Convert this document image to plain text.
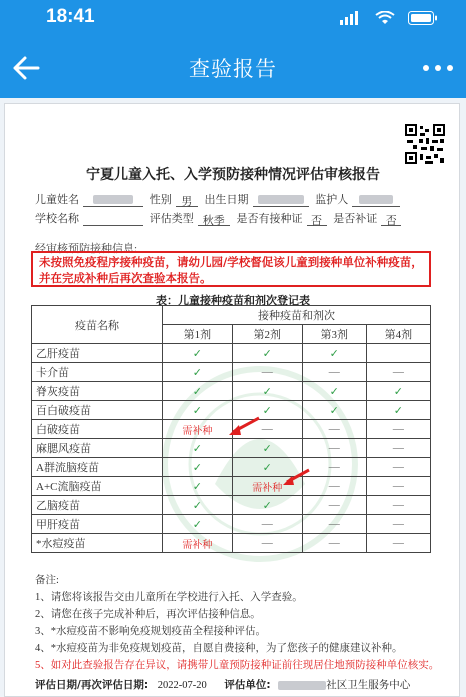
18:41
查验报告
宁夏儿童入托、入学预防接种情况评估审核报告
儿童姓名	性别 男 出生日期	监护人
学校名称	评估类型 秋季 是否有接种证 否 是否补证 否
经审核预防接种信息:
未按照免疫程序接种疫苗，请幼儿园/学校督促该儿童到接种单位补种疫苗，并在完成补种后再次查验本报告。
表：儿童接种疫苗和剂次登记表
疫苗名称	接种疫苗和剂次			
	第1剂	第2剂	第3剂	第4剂
乙肝疫苗	✓	✓	✓	
卡介苗	✓	—	—	—
脊灰疫苗	✓	✓	✓	✓
百白破疫苗	✓	✓	✓	✓
白破疫苗	需补种	—	—	—
麻腮风疫苗	✓	✓	—	—
A群流脑疫苗	✓	✓	—	—
A+C流脑疫苗	✓	需补种	—	—
乙脑疫苗	✓	✓	—	—
甲肝疫苗	✓	—	—	—
*水痘疫苗	需补种	—	—	—
备注:
1、请您将该报告交由儿童所在学校进行入托、入学查验。
2、请您在孩子完成补种后，再次评估接种信息。
3、*水痘疫苗不影响免疫规划疫苗全程接种评估。
4、*水痘疫苗为非免疫规划疫苗，自愿自费接种，为了您孩子的健康建议补种。
5、如对此查验报告存在异议，请携带儿童预防接种证前往现居住地预防接种单位核实。
评估日期/再次评估日期: 2022-07-20 评估单位:	社区卫生服务中心
